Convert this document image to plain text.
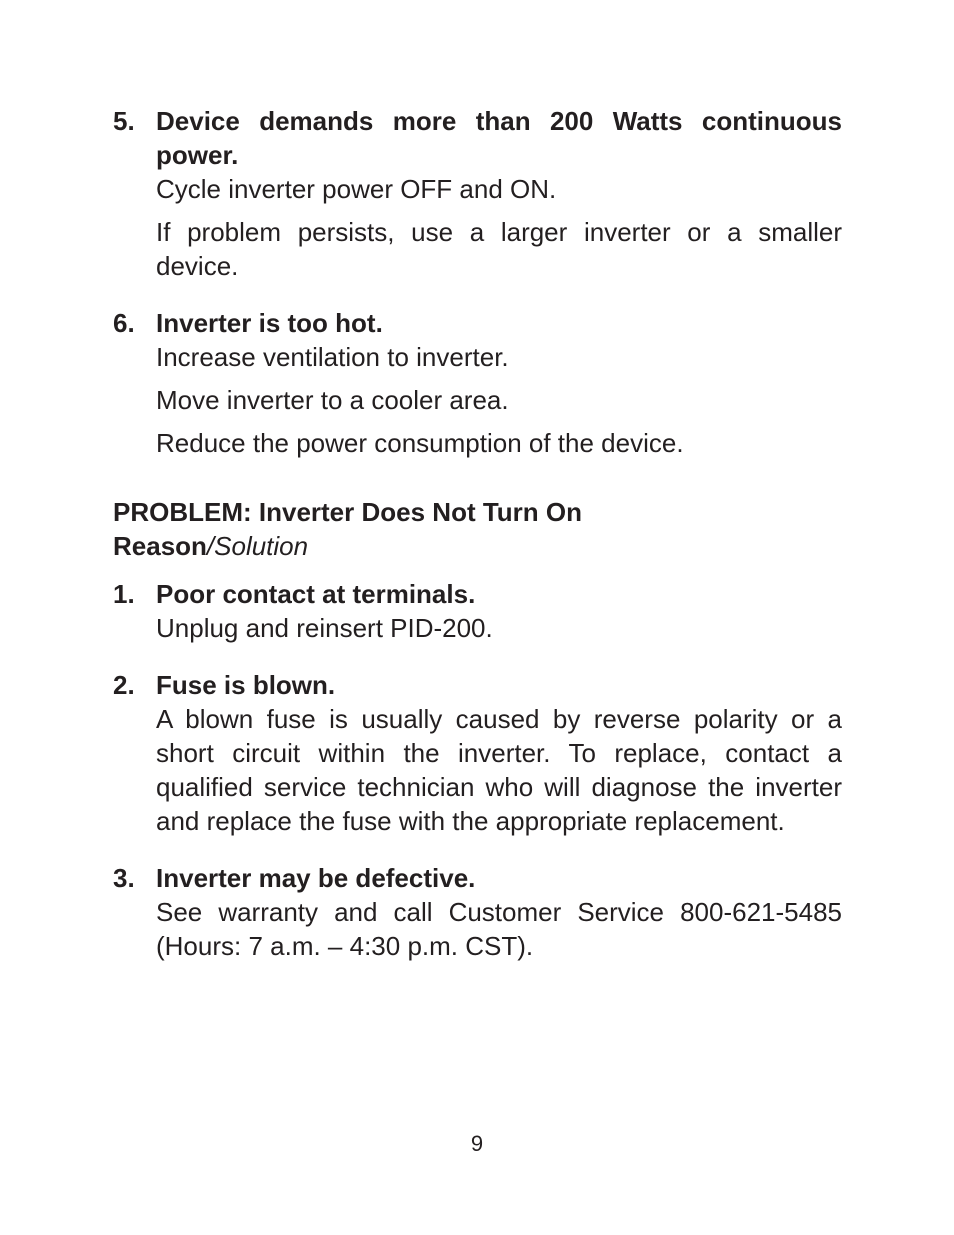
5. Device demands more than 200 Watts continuous power.
Cycle inverter power OFF and ON.
If problem persists, use a larger inverter or a smaller device.
6. Inverter is too hot.
Increase ventilation to inverter.
Move inverter to a cooler area.
Reduce the power consumption of the device.
PROBLEM: Inverter Does Not Turn On
Reason/Solution
1. Poor contact at terminals.
Unplug and reinsert PID-200.
2. Fuse is blown.
A blown fuse is usually caused by reverse polarity or a short circuit within the inverter. To replace, contact a qualified service technician who will diagnose the inverter and replace the fuse with the appropriate replacement.
3. Inverter may be defective.
See warranty and call Customer Service 800-621-5485 (Hours: 7 a.m. – 4:30 p.m. CST).
9
